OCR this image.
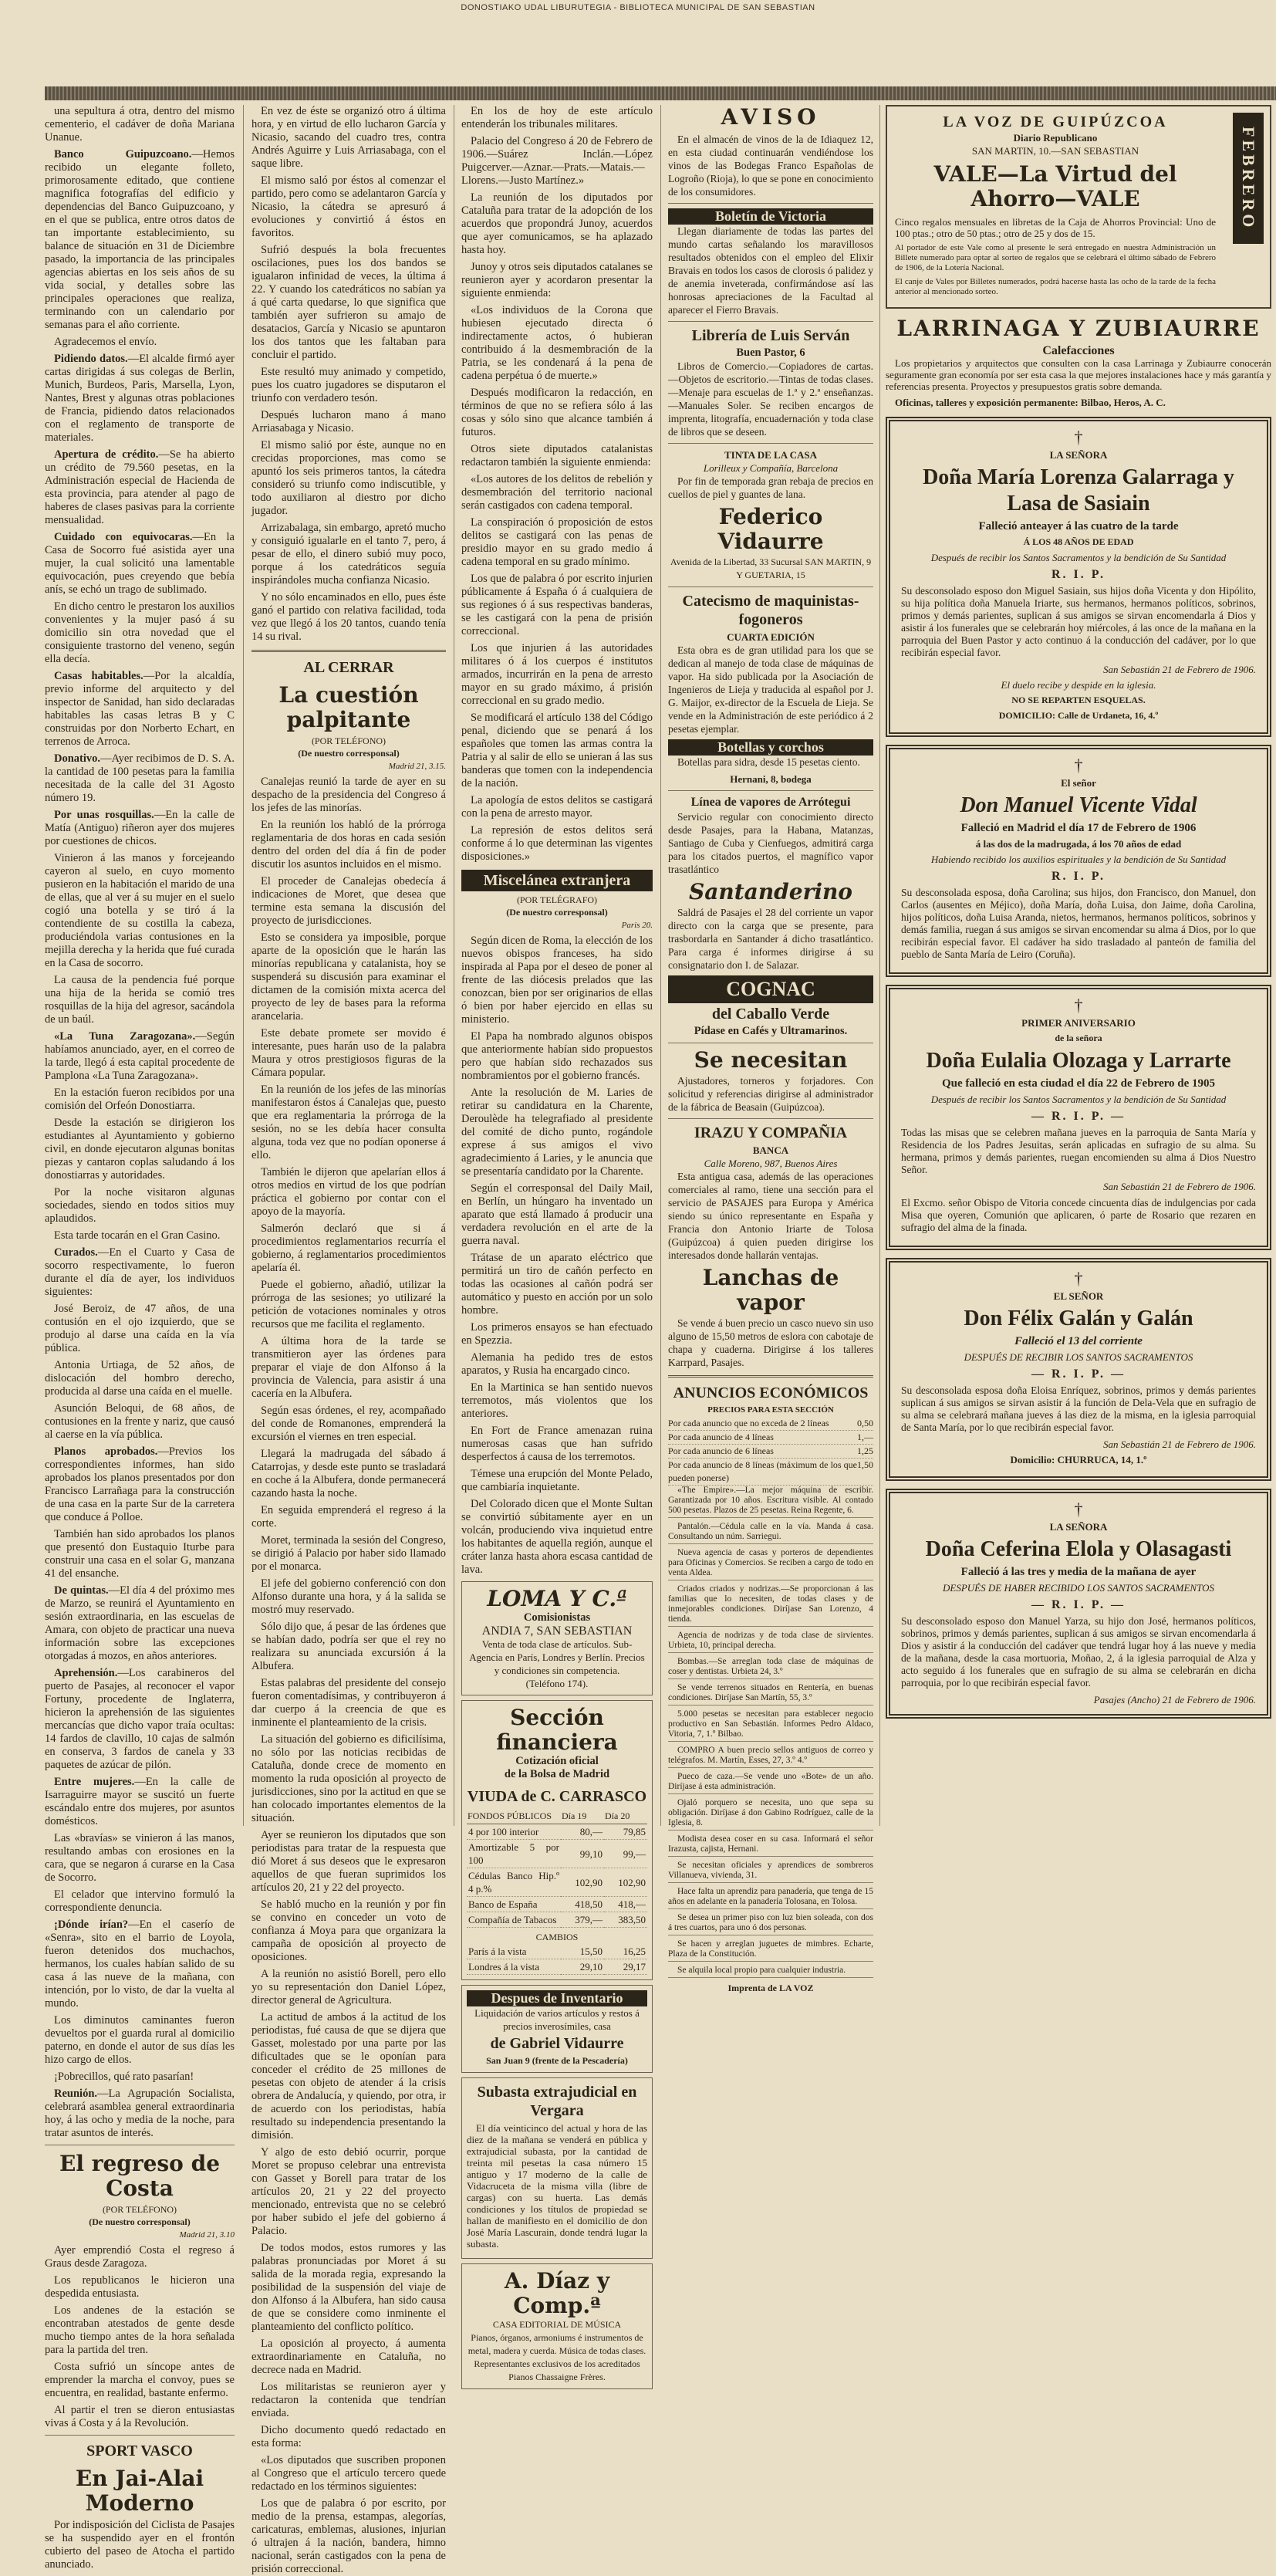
DONOSTIAKO UDAL LIBURUTEGIA - BIBLIOTECA MUNICIPAL DE SAN SEBASTIAN

una sepultura á otra, dentro del mismo cementerio, el cadáver de doña Mariana Unanue.

Banco Guipuzcoano.—Hemos recibido un elegante folleto, primorosamente editado, que contiene magnifica fotografías del edificio y dependencias del Banco Guipuzcoano, y en el que se publica, entre otros datos de tan importante establecimiento, su balance de situación en 31 de Diciembre pasado, la importancia de las principales agencias abiertas en los seis años de su vida social, y detalles sobre las principales operaciones que realiza, terminando con un calendario por semanas para el año corriente.

Agradecemos el envío.

Pidiendo datos.—El alcalde firmó ayer cartas dirigidas á sus colegas de Berlin, Munich, Burdeos, Paris, Marsella, Lyon, Nantes, Brest y algunas otras poblaciones de Francia, pidiendo datos relacionados con el reglamento de transporte de materiales.

Apertura de crédito.—Se ha abierto un crédito de 79.560 pesetas, en la Administración especial de Hacienda de esta provincia, para atender al pago de haberes de clases pasivas para la corriente mensualidad.

Cuidado con equivocaras.—En la Casa de Socorro fué asistida ayer una mujer, la cual solicitó una lamentable equivocación, pues creyendo que bebía anís, se echó un trago de sublimado.

En dicho centro le prestaron los auxilios convenientes y la mujer pasó á su domicilio sin otra novedad que el consiguiente trastorno del veneno, según ella decía.

Casas habitables.—Por la alcaldía, previo informe del arquitecto y del inspector de Sanidad, han sido declaradas habitables las casas letras B y C construidas por don Norberto Echart, en terrenos de Arroca.

Donativo.—Ayer recibimos de D. S. A. la cantidad de 100 pesetas para la familia necesitada de la calle del 31 Agosto número 19.

Por unas rosquillas.—En la calle de Matía (Antiguo) riñeron ayer dos mujeres por cuestiones de chicos.

Vinieron á las manos y forcejeando cayeron al suelo, en cuyo momento pusieron en la habitación el marido de una de ellas, que al ver á su mujer en el suelo cogió una botella y se tiró á la contendiente de su costilla la cabeza, produciéndola varias contusiones en la mejilla derecha y la herida que fué curada en la Casa de socorro.

La causa de la pendencia fué porque una hija de la herida se comió tres rosquillas de la hija del agresor, sacándola de un baúl.

«La Tuna Zaragozana».—Según habíamos anunciado, ayer, en el correo de la tarde, llegó á esta capital procedente de Pamplona «La Tuna Zaragozana».

En la estación fueron recibidos por una comisión del Orfeón Donostiarra.

Desde la estación se dirigieron los estudiantes al Ayuntamiento y gobierno civil, en donde ejecutaron algunas bonitas piezas y cantaron coplas saludando á los donostiarras y autoridades.

Por la noche visitaron algunas sociedades, siendo en todos sitios muy aplaudidos.

Esta tarde tocarán en el Gran Casino.

Curados.—En el Cuarto y Casa de socorro respectivamente, lo fueron durante el día de ayer, los individuos siguientes:

José Beroiz, de 47 años, de una contusión en el ojo izquierdo, que se produjo al darse una caída en la vía pública.

Antonia Urtiaga, de 52 años, de dislocación del hombro derecho, producida al darse una caída en el muelle.

Asunción Beloqui, de 68 años, de contusiones en la frente y nariz, que causó al caerse en la vía pública.

Planos aprobados.—Previos los correspondientes informes, han sido aprobados los planos presentados por don Francisco Larrañaga para la construcción de una casa en la parte Sur de la carretera que conduce á Polloe.

También han sido aprobados los planos que presentó don Eustaquio Iturbe para construir una casa en el solar G, manzana 41 del ensanche.

De quintas.—El día 4 del próximo mes de Marzo, se reunirá el Ayuntamiento en sesión extraordinaria, en las escuelas de Amara, con objeto de practicar una nueva información sobre las excepciones otorgadas á mozos, en años anteriores.

Aprehensión.—Los carabineros del puerto de Pasajes, al reconocer el vapor Fortuny, procedente de Inglaterra, hicieron la aprehensión de las siguientes mercancías que dicho vapor traía ocultas: 14 fardos de clavillo, 10 cajas de salmón en conserva, 3 fardos de canela y 33 paquetes de azúcar de pilón.

Entre mujeres.—En la calle de Isarraguirre mayor se suscitó un fuerte escándalo entre dos mujeres, por asuntos domésticos.

Las «bravías» se vinieron á las manos, resultando ambas con erosiones en la cara, que se negaron á curarse en la Casa de Socorro.

El celador que intervino formuló la correspondiente denuncia.

¡Dónde irían?—En el caserío de «Senra», sito en el barrio de Loyola, fueron detenidos dos muchachos, hermanos, los cuales habían salido de su casa á las nueve de la mañana, con intención, por lo visto, de dar la vuelta al mundo.

Los diminutos caminantes fueron devueltos por el guarda rural al domicilio paterno, en donde el autor de sus días les hizo cargo de ellos.

¡Pobrecillos, qué rato pasarían!

Reunión.—La Agrupación Socialista, celebrará asamblea general extraordinaria hoy, á las ocho y media de la noche, para tratar asuntos de interés.

El regreso de Costa
(POR TELÉFONO)
(De nuestro corresponsal)
Madrid 21, 3.10

Ayer emprendió Costa el regreso á Graus desde Zaragoza.

Los republicanos le hicieron una despedida entusiasta.

Los andenes de la estación se encontraban atestados de gente desde mucho tiempo antes de la hora señalada para la partida del tren.

Costa sufrió un síncope antes de emprender la marcha el convoy, pues se encuentra, en realidad, bastante enfermo.

Al partir el tren se dieron entusiastas vivas á Costa y á la Revolución.

SPORT VASCO
En Jai-Alai Moderno

Por indisposición del Ciclista de Pasajes se ha suspendido ayer en el frontón cubierto del paseo de Atocha el partido anunciado.

En vez de éste se organizó otro á última hora, y en virtud de ello lucharon García y Nicasio, sacando del cuadro tres, contra Andrés Aguirre y Luis Arriasabaga, con el saque libre.

El mismo saló por éstos al comenzar el partido, pero como se adelantaron García y Nicasio, la cátedra se apresuró á evoluciones y convirtió á éstos en favoritos.

Sufrió después la bola frecuentes oscilaciones, pues los dos bandos se igualaron infinidad de veces, la última á 22. Y cuando los catedráticos no sabían ya á qué carta quedarse, lo que significa que también ayer sufrieron su amajo de desatacios, García y Nicasio se apuntaron los dos tantos que les faltaban para concluir el partido.

Este resultó muy animado y competido, pues los cuatro jugadores se disputaron el triunfo con verdadero tesón.

Después lucharon mano á mano Arriasabaga y Nicasio.

El mismo salió por éste, aunque no en crecidas proporciones, mas como se apuntó los seis primeros tantos, la cátedra consideró su triunfo como indiscutible, y todo auxiliaron al diestro por dicho jugador.

Arrizabalaga, sin embargo, apretó mucho y consiguió igualarle en el tanto 7, pero, á pesar de ello, el dinero subió muy poco, porque á los catedráticos seguía inspirándoles mucha confianza Nicasio.

Y no sólo encaminados en ello, pues éste ganó el partido con relativa facilidad, toda vez que llegó á los 20 tantos, cuando tenía 14 su rival.

AL CERRAR
La cuestión palpitante
(POR TELÉFONO)
(De nuestro corresponsal)
Madrid 21, 3.15.

Canalejas reunió la tarde de ayer en su despacho de la presidencia del Congreso á los jefes de las minorías.

En la reunión los habló de la prórroga reglamentaria de dos horas en cada sesión dentro del orden del día á fin de poder discutir los asuntos incluidos en el mismo.

El proceder de Canalejas obedecía á indicaciones de Moret, que desea que termine esta semana la discusión del proyecto de jurisdicciones.

Esto se considera ya imposible, porque aparte de la oposición que le harán las minorías republicana y catalanista, hoy se suspenderá su discusión para examinar el dictamen de la comisión mixta acerca del proyecto de ley de bases para la reforma arancelaria.

Este debate promete ser movido é interesante, pues harán uso de la palabra Maura y otros prestigiosos figuras de la Cámara popular.

En la reunión de los jefes de las minorías manifestaron éstos á Canalejas que, puesto que era reglamentaria la prórroga de la sesión, no se les debía hacer consulta alguna, toda vez que no podían oponerse á ello.

También le dijeron que apelarían ellos á otros medios en virtud de los que podrían práctica el gobierno por contar con el apoyo de la mayoría.

Salmerón declaró que si á procedimientos reglamentarios recurría el gobierno, á reglamentarios procedimientos apelaría él.

Puede el gobierno, añadió, utilizar la prórroga de las sesiones; yo utilizaré la petición de votaciones nominales y otros recursos que me facilita el reglamento.

A última hora de la tarde se transmitieron ayer las órdenes para preparar el viaje de don Alfonso á la provincia de Valencia, para asistir á una cacería en la Albufera.

Según esas órdenes, el rey, acompañado del conde de Romanones, emprenderá la excursión el viernes en tren especial.

Llegará la madrugada del sábado á Catarrojas, y desde este punto se trasladará en coche á la Albufera, donde permanecerá cazando hasta la noche.

En seguida emprenderá el regreso á la corte.

Moret, terminada la sesión del Congreso, se dirigió á Palacio por haber sido llamado por el monarca.

El jefe del gobierno conferenció con don Alfonso durante una hora, y á la salida se mostró muy reservado.

Sólo dijo que, á pesar de las órdenes que se habían dado, podría ser que el rey no realizara su anunciada excursión á la Albufera.

Estas palabras del presidente del consejo fueron comentadísimas, y contribuyeron á dar cuerpo á la creencia de que es inminente el planteamiento de la crisis.

La situación del gobierno es dificilísima, no sólo por las noticias recibidas de Cataluña, donde crece de momento en momento la ruda oposición al proyecto de jurisdicciones, sino por la actitud en que se han colocado importantes elementos de la situación.

Ayer se reunieron los diputados que son periodistas para tratar de la respuesta que dió Moret á sus deseos que le expresaron aquellos de que fueran suprimidos los artículos 20, 21 y 22 del proyecto.

Se habló mucho en la reunión y por fin se convino en conceder un voto de confianza á Moya para que organizara la campaña de oposición al proyecto de oposiciones.

A la reunión no asistió Borell, pero ello yo su representación don Daniel López, director general de Agricultura.

La actitud de ambos á la actitud de los periodistas, fué causa de que se dijera que Gasset, molestado por una parte por las dificultades que se le oponían para conceder el crédito de 25 millones de pesetas con objeto de atender á la crisis obrera de Andalucía, y quiendo, por otra, ir de acuerdo con los periodistas, había resultado su independencia presentando la dimisión.

Y algo de esto debió ocurrir, porque Moret se propuso celebrar una entrevista con Gasset y Borell para tratar de los artículos 20, 21 y 22 del proyecto mencionado, entrevista que no se celebró por haber subido el jefe del gobierno á Palacio.

De todos modos, estos rumores y las palabras pronunciadas por Moret á su salida de la morada regia, expresando la posibilidad de la suspensión del viaje de don Alfonso á la Albufera, han sido causa de que se considere como inminente el planteamiento del conflicto político.

La oposición al proyecto, á aumenta extraordinariamente en Cataluña, no decrece nada en Madrid.

Los militaristas se reunieron ayer y redactaron la contenida que tendrían enviada.

Dicho documento quedó redactado en esta forma:

«Los diputados que suscriben proponen al Congreso que el artículo tercero quede redactado en los términos siguientes:

Los que de palabra ó por escrito, por medio de la prensa, estampas, alegorías, caricaturas, emblemas, alusiones, injurian ó ultrajen á la nación, bandera, himno nacional, serán castigados con la pena de prisión correccional.

En los de hoy de este artículo entenderán los tribunales militares.

Palacio del Congreso á 20 de Febrero de 1906.—Suárez Inclán.—López Puigcerver.—Aznar.—Prats.—Matais.—Llorens.—Justo Martínez.»

La reunión de los diputados por Cataluña para tratar de la adopción de los acuerdos que propondrá Junoy, acuerdos que ayer comunicamos, se ha aplazado hasta hoy.

Junoy y otros seis diputados catalanes se reunieron ayer y acordaron presentar la siguiente enmienda:

«Los individuos de la Corona que hubiesen ejecutado directa ó indirectamente actos, ó hubieran contribuido á la desmembración de la Patria, se les condenará á la pena de cadena perpétua ó de muerte.»

Después modificaron la redacción, en términos de que no se refiera sólo á las cosas y sólo sino que alcance también á futuros.

Otros siete diputados catalanistas redactaron también la siguiente enmienda:

«Los autores de los delitos de rebelión y desmembración del territorio nacional serán castigados con cadena temporal.

La conspiración ó proposición de estos delitos se castigará con las penas de presidio mayor en su grado medio á cadena temporal en su grado mínimo.

Los que de palabra ó por escrito injurien públicamente á España ó á cualquiera de sus regiones ó á sus respectivas banderas, se les castigará con la pena de prisión correccional.

Los que injurien á las autoridades militares ó á los cuerpos é institutos armados, incurrirán en la pena de arresto mayor en su grado máximo, á prisión correccional en su grado medio.

Se modificará el artículo 138 del Código penal, diciendo que se penará á los españoles que tomen las armas contra la Patria y al salir de ello se unieran á las sus banderas que tomen con la independencia de la nación.

La apología de estos delitos se castigará con la pena de arresto mayor.

La represión de estos delitos será conforme á lo que determinan las vigentes disposiciones.»

Miscelánea extranjera
(POR TELÉGRAFO)
(De nuestro corresponsal)
Paris 20.

Según dicen de Roma, la elección de los nuevos obispos franceses, ha sido inspirada al Papa por el deseo de poner al frente de las diócesis prelados que las conozcan, bien por ser originarios de ellas ó bien por haber ejercido en ellas su ministerio.

El Papa ha nombrado algunos obispos que anteriormente habían sido propuestos pero que habían sido rechazados sus nombramientos por el gobierno francés.

Ante la resolución de M. Laries de retirar su candidatura en la Charente, Deroulède ha telegrafiado al presidente del comité de dicho punto, rogándole exprese á sus amigos el vivo agradecimiento á Laries, y le anuncia que se presentaría candidato por la Charente.

Según el corresponsal del Daily Mail, en Berlín, un húngaro ha inventado un aparato que está llamado á producir una verdadera revolución en el arte de la guerra naval.

Trátase de un aparato eléctrico que permitirá un tiro de cañón perfecto en todas las ocasiones al cañón podrá ser automático y puesto en acción por un solo hombre.

Los primeros ensayos se han efectuado en Spezzia.

Alemania ha pedido tres de estos aparatos, y Rusia ha encargado cinco.

En la Martinica se han sentido nuevos terremotos, más violentos que los anteriores.

En Fort de France amenazan ruina numerosas casas que han sufrido desperfectos á causa de los terremotos.

Témese una erupción del Monte Pelado, que cambiaría inquietante.

Del Colorado dicen que el Monte Sultan se convirtió súbitamente ayer en un volcán, produciendo viva inquietud entre los habitantes de aquella región, aunque el cráter lanza hasta ahora escasa cantidad de lava.

LOMA Y C.ª
Comisionistas
ANDIA 7, SAN SEBASTIAN
Venta de toda clase de artículos. Sub-Agencia en París, Londres y Berlín. Precios y condiciones sin competencia.
(Teléfono 174).
Sección financiera
Cotización oficial
de la Bolsa de Madrid
VIUDA de C. CARRASCO
FONDOS PÚBLICOS	Día 19	Día 20
4 por 100 interior	80,—	79,85
Amortizable 5 por 100	99,10	99,—
Cédulas Banco Hip.º 4 p.%	102,90	102,90
Banco de España	418,50	418,—
Compañía de Tabacos	379,—	383,50
CAMBIOS
París á la vista	15,50	16,25
Londres á la vista	29,10	29,17
Despues de Inventario
Liquidación de varios artículos y restos á precios inverosímiles, casa
de Gabriel Vidaurre
San Juan 9 (frente de la Pescadería)
Subasta extrajudicial en Vergara

El día veinticinco del actual y hora de las diez de la mañana se venderá en pública y extrajudicial subasta, por la cantidad de treinta mil pesetas la casa número 15 antiguo y 17 moderno de la calle de Vidacruceta de la misma villa (libre de cargas) con su huerta. Las demás condiciones y los títulos de propiedad se hallan de manifiesto en el domicilio de don José María Lascurain, donde tendrá lugar la subasta.

A. Díaz y Comp.ª
CASA EDITORIAL DE MÚSICA
Pianos, órganos, armoniums é instrumentos de metal, madera y cuerda. Música de todas clases. Representantes exclusivos de los acreditados Pianos Chassaigne Frères.
AVISO

En el almacén de vinos de la de Idiaquez 12, en esta ciudad continuarán vendiéndose los vinos de las Bodegas Franco Españolas de Logroño (Rioja), lo que se pone en conocimiento de los consumidores.

Boletín de Victoria

Llegan diariamente de todas las partes del mundo cartas señalando los maravillosos resultados obtenidos con el empleo del Elixir Bravais en todos los casos de clorosis ó palidez y de anemia inveterada, confirmándose así las honrosas apreciaciones de la Facultad al aparecer el Fierro Bravais.

Librería de Luis Serván
Buen Pastor, 6

Libros de Comercio.—Copiadores de cartas.—Objetos de escritorio.—Tintas de todas clases.—Menaje para escuelas de 1.ª y 2.ª enseñanzas.—Manuales Soler. Se reciben encargos de imprenta, litografía, encuadernación y toda clase de libros que se deseen.

TINTA DE LA CASA
Lorilleux y Compañía, Barcelona

Por fin de temporada gran rebaja de precios en cuellos de piel y guantes de lana.

Federico Vidaurre
Avenida de la Libertad, 33 Sucursal SAN MARTIN, 9 Y GUETARIA, 15
Catecismo de maquinistas-fogoneros
CUARTA EDICIÓN

Esta obra es de gran utilidad para los que se dedican al manejo de toda clase de máquinas de vapor. Ha sido publicada por la Asociación de Ingenieros de Lieja y traducida al español por J. G. Maijor, ex-director de la Escuela de Lieja. Se vende en la Administración de este periódico á 2 pesetas ejemplar.

Botellas y corchos

Botellas para sidra, desde 15 pesetas ciento.

Hernani, 8, bodega
Línea de vapores de Arrótegui

Servicio regular con conocimiento directo desde Pasajes, para la Habana, Matanzas, Santiago de Cuba y Cienfuegos, admitirá carga para los citados puertos, el magnífico vapor trasatlántico

Santanderino

Saldrá de Pasajes el 28 del corriente un vapor directo con la carga que se presente, para trasbordarla en Santander á dicho trasatlántico. Para carga é informes dirigirse á su consignatario don I. de Salazar.

COGNAC
del Caballo Verde
Pídase en Cafés y Ultramarinos.
Se necesitan

Ajustadores, torneros y forjadores. Con solicitud y referencias dirigirse al administrador de la fábrica de Beasain (Guipúzcoa).

IRAZU Y COMPAÑIA
BANCA
Calle Moreno, 987, Buenos Aires

Esta antigua casa, además de las operaciones comerciales al ramo, tiene una sección para el servicio de PASAJES para Europa y América siendo su único representante en España y Francia don Antonio Iriarte de Tolosa (Guipúzcoa) á quien pueden dirigirse los interesados donde hallarán ventajas.

Lanchas de vapor

Se vende á buen precio un casco nuevo sin uso alguno de 15,50 metros de eslora con cabotaje de chapa y cuaderna. Dirigirse á los talleres Karrpard, Pasajes.

ANUNCIOS ECONÓMICOS
PRECIOS PARA ESTA SECCIÓN
Por cada anuncio que no exceda de 2 líneas	0,50
Por cada anuncio de 4 líneas	1,—
Por cada anuncio de 6 líneas	1,25
Por cada anuncio de 8 líneas (máximum de los que pueden ponerse)
1,50

«The Empire».—La mejor máquina de escribir. Garantizada por 10 años. Escritura visible. Al contado 500 pesetas. Plazos de 25 pesetas. Reina Regente, 6.

Pantalón.—Cédula calle en la vía. Manda á casa. Consultando un núm. Sarriegui.

Nueva agencia de casas y porteros de dependientes para Oficinas y Comercios. Se reciben a cargo de todo en venta Aldea.

Criados criados y nodrizas.—Se proporcionan á las familias que lo necesiten, de todas clases y de inmejorables condiciones. Diríjase San Lorenzo, 4 tienda.

Agencia de nodrizas y de toda clase de sirvientes. Urbieta, 10, principal derecha.

Bombas.—Se arreglan toda clase de máquinas de coser y dentistas. Urbieta 24, 3.º

Se vende terrenos situados en Rentería, en buenas condiciones. Diríjase San Martín, 55, 3.º

5.000 pesetas se necesitan para establecer negocio productivo en San Sebastián. Informes Pedro Aldaco, Vitoria, 7, 1.º Bilbao.

COMPRO A buen precio sellos antiguos de correo y telégrafos. M. Martín, Esses, 27, 3.º 4.º

Pueco de caza.—Se vende uno «Bote» de un año. Diríjase á esta administración.

Ojaló porquero se necesita, uno que sepa su obligación. Diríjase á don Gabino Rodríguez, calle de la Iglesia, 8.

Modista desea coser en su casa. Informará el señor Irazusta, cajista, Hernani.

Se necesitan oficiales y aprendices de sombreros Villanueva, vivienda, 31.

Hace falta un aprendiz para panadería, que tenga de 15 años en adelante en la panadería Tolosana, en Tolosa.

Se desea un primer piso con luz bien soleada, con dos á tres cuartos, para uno ó dos personas.

Se hacen y arreglan juguetes de mimbres. Echarte, Plaza de la Constitución.

Se alquila local propio para cualquier industria.

Imprenta de LA VOZ
FEBRERO
LA VOZ DE GUIPÚZCOA
Diario Republicano
SAN MARTIN, 10.—SAN SEBASTIAN
VALE—La Virtud del Ahorro—VALE

Cinco regalos mensuales en libretas de la Caja de Ahorros Provincial: Uno de 100 ptas.; otro de 50 ptas.; otro de 25 y dos de 15.

Al portador de este Vale como al presente le será entregado en nuestra Administración un Billete numerado para optar al sorteo de regalos que se celebrará el último sábado de Febrero de 1906, de la Lotería Nacional.

El canje de Vales por Billetes numerados, podrá hacerse hasta las ocho de la tarde de la fecha anterior al mencionado sorteo.

LARRINAGA Y ZUBIAURRE
Calefacciones

Los propietarios y arquitectos que consulten con la casa Larrinaga y Zubiaurre conocerán seguramente gran economía por ser esta casa la que mejores instalaciones hace y más garantía y referencias presenta. Proyectos y presupuestos gratis sobre demanda.

Oficinas, talleres y exposición permanente: Bilbao, Heros, A. C.

†
LA SEÑORA
Doña María Lorenza Galarraga y Lasa de Sasiain
Falleció anteayer á las cuatro de la tarde
Á LOS 48 AÑOS DE EDAD
Después de recibir los Santos Sacramentos y la bendición de Su Santidad
R. I. P.
Su desconsolado esposo don Miguel Sasiain, sus hijos doña Vicenta y don Hipólito, su hija política doña Manuela Iriarte, sus hermanos, hermanos políticos, sobrinos, primos y demás parientes, suplican á sus amigos se sirvan encomendarla á Dios y asistir á los funerales que se celebrarán hoy miércoles, á las once de la mañana en la parroquia del Buen Pastor y acto continuo á la conducción del cadáver, por lo que recibirán especial favor.
San Sebastián 21 de Febrero de 1906.
El duelo recibe y despide en la iglesia.
NO SE REPARTEN ESQUELAS.
DOMICILIO: Calle de Urdaneta, 16, 4.º
†
El señor
Don Manuel Vicente Vidal
Falleció en Madrid el día 17 de Febrero de 1906
á las dos de la madrugada, á los 70 años de edad
Habiendo recibido los auxilios espirituales y la bendición de Su Santidad
R. I. P.
Su desconsolada esposa, doña Carolina; sus hijos, don Francisco, don Manuel, don Carlos (ausentes en Méjico), doña María, doña Luisa, don Jaime, doña Carolina, hijos políticos, doña Luisa Aranda, nietos, hermanos, hermanos políticos, sobrinos y demás familia, ruegan á sus amigos se sirvan encomendar su alma á Dios, por lo que recibirán especial favor. El cadáver ha sido trasladado al panteón de familia del pueblo de Santa María de Leiro (Coruña).
†
PRIMER ANIVERSARIO
de la señora
Doña Eulalia Olozaga y Larrarte
Que falleció en esta ciudad el día 22 de Febrero de 1905
Después de recibir los Santos Sacramentos y la bendición de Su Santidad
— R. I. P. —
Todas las misas que se celebren mañana jueves en la parroquia de Santa María y Residencia de los Padres Jesuitas, serán aplicadas en sufragio de su alma. Su hermana, primos y demás parientes, ruegan encomienden su alma á Dios Nuestro Señor.
San Sebastián 21 de Febrero de 1906.
El Excmo. señor Obispo de Vitoria concede cincuenta días de indulgencias por cada Misa que oyeren, Comunión que aplicaren, ó parte de Rosario que rezaren en sufragio del alma de la finada.
†
EL SEÑOR
Don Félix Galán y Galán
Falleció el 13 del corriente
DESPUÉS DE RECIBIR LOS SANTOS SACRAMENTOS
— R. I. P. —
Su desconsolada esposa doña Eloisa Enríquez, sobrinos, primos y demás parientes suplican á sus amigos se sirvan asistir á la función de Dela-Vela que en sufragio de su alma se celebrará mañana jueves á las diez de la misma, en la iglesia parroquial de Santa María, por lo que recibirán especial favor.
San Sebastián 21 de Febrero de 1906.
Domicilio: CHURRUCA, 14, 1.º
†
LA SEÑORA
Doña Ceferina Elola y Olasagasti
Falleció á las tres y media de la mañana de ayer
DESPUÉS DE HABER RECIBIDO LOS SANTOS SACRAMENTOS
— R. I. P. —
Su desconsolado esposo don Manuel Yarza, su hijo don José, hermanos políticos, sobrinos, primos y demás parientes, suplican á sus amigos se sirvan encomendarla á Dios y asistir á la conducción del cadáver que tendrá lugar hoy á las nueve y media de la mañana, desde la casa mortuoria, Moñao, 2, á la iglesia parroquial de Alza y acto seguido á los funerales que en sufragio de su alma se celebrarán en dicha parroquia, por lo que recibirán especial favor.
Pasajes (Ancho) 21 de Febrero de 1906.
